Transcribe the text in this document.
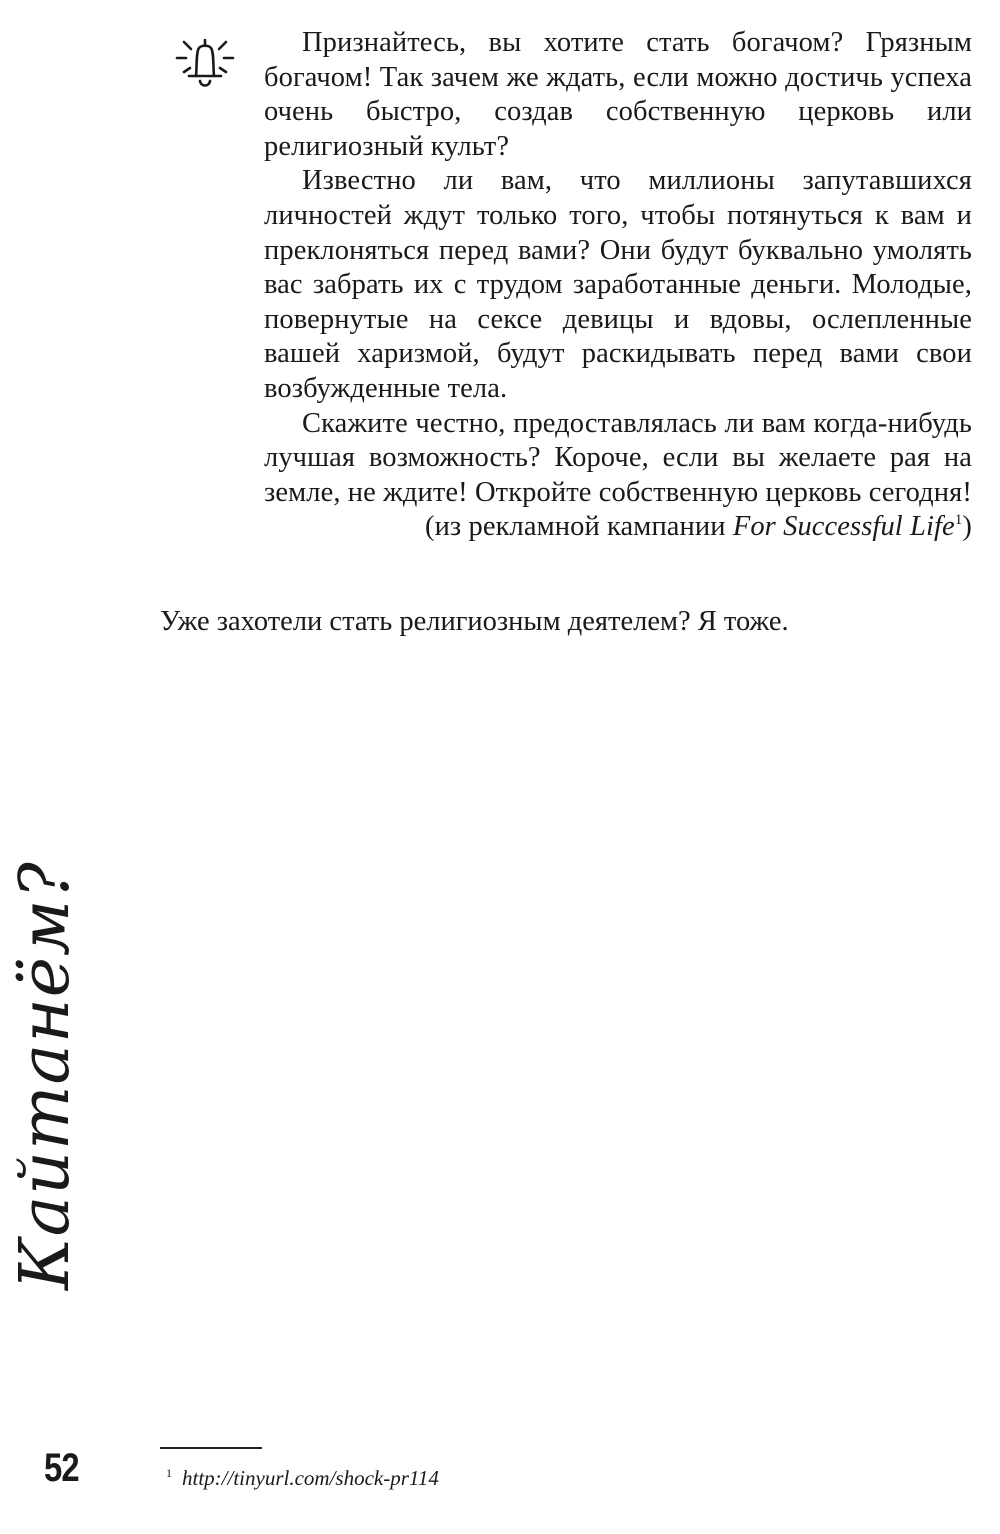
Признайтесь, вы хотите стать богачом? Грязным богачом! Так зачем же ждать, если можно достичь успеха очень быстро, создав собственную церковь или религиозный культ?

Известно ли вам, что миллионы запутавшихся личностей ждут только того, чтобы потянуться к вам и преклоняться перед вами? Они будут буквально умолять вас забрать их с трудом заработанные деньги. Молодые, повернутые на сексе девицы и вдовы, ослепленные вашей харизмой, будут раскидывать перед вами свои возбужденные тела.

Скажите честно, предоставлялась ли вам когда-нибудь лучшая возможность? Короче, если вы желаете рая на земле, не ждите! Откройте собственную церковь сегодня!

(из рекламной кампании For Successful Life$^1$)

Уже захотели стать религиозным деятелем? Я тоже.

Кайтанём?
52	$^1$ http://tinyurl.com/shock-pr114
